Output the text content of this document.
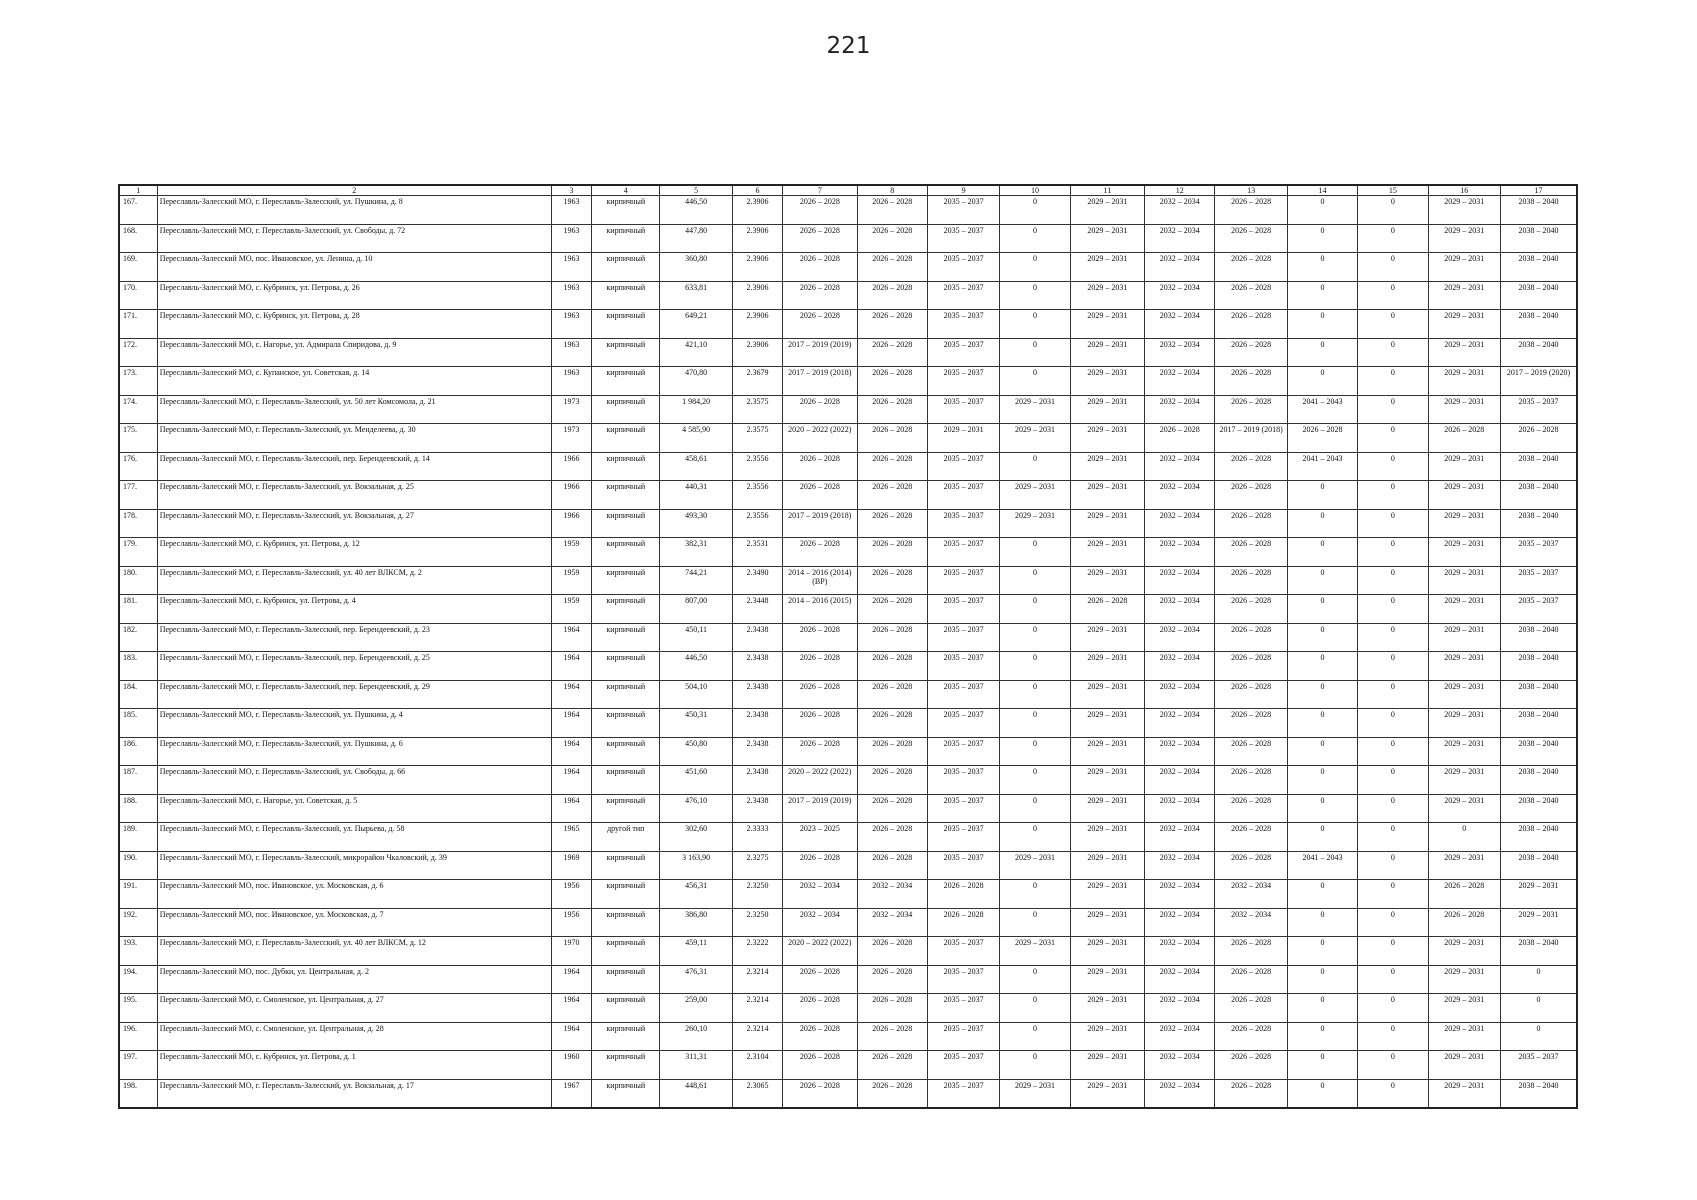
221
1	2	3	4	5	6	7	8	9	10	11	12	13	14	15	16	17
167.	Переславль-Залесский МО, г. Переславль-Залесский, ул. Пушкина, д. 8	1963	кирпичный	446,50	2.3906	2026 – 2028	2026 – 2028	2035 – 2037	0	2029 – 2031	2032 – 2034	2026 – 2028	0	0	2029 – 2031	2038 – 2040
168.	Переславль-Залесский МО, г. Переславль-Залесский, ул. Свободы, д. 72	1963	кирпичный	447,80	2.3906	2026 – 2028	2026 – 2028	2035 – 2037	0	2029 – 2031	2032 – 2034	2026 – 2028	0	0	2029 – 2031	2038 – 2040
169.	Переславль-Залесский МО, пос. Ивановское, ул. Ленина, д. 10	1963	кирпичный	360,80	2.3906	2026 – 2028	2026 – 2028	2035 – 2037	0	2029 – 2031	2032 – 2034	2026 – 2028	0	0	2029 – 2031	2038 – 2040
170.	Переславль-Залесский МО, с. Кубринск, ул. Петрова, д. 26	1963	кирпичный	633,81	2.3906	2026 – 2028	2026 – 2028	2035 – 2037	0	2029 – 2031	2032 – 2034	2026 – 2028	0	0	2029 – 2031	2038 – 2040
171.	Переславль-Залесский МО, с. Кубринск, ул. Петрова, д. 28	1963	кирпичный	649,21	2.3906	2026 – 2028	2026 – 2028	2035 – 2037	0	2029 – 2031	2032 – 2034	2026 – 2028	0	0	2029 – 2031	2038 – 2040
172.	Переславль-Залесский МО, с. Нагорье, ул. Адмирала Спиридова, д. 9	1963	кирпичный	421,10	2.3906	2017 – 2019 (2019)	2026 – 2028	2035 – 2037	0	2029 – 2031	2032 – 2034	2026 – 2028	0	0	2029 – 2031	2038 – 2040
173.	Переславль-Залесский МО, с. Купанское, ул. Советская, д. 14	1963	кирпичный	470,80	2.3679	2017 – 2019 (2018)	2026 – 2028	2035 – 2037	0	2029 – 2031	2032 – 2034	2026 – 2028	0	0	2029 – 2031	2017 – 2019 (2020)
174.	Переславль-Залесский МО, г. Переславль-Залесский, ул. 50 лет Комсомола, д. 21	1973	кирпичный	1 984,20	2.3575	2026 – 2028	2026 – 2028	2035 – 2037	2029 – 2031	2029 – 2031	2032 – 2034	2026 – 2028	2041 – 2043	0	2029 – 2031	2035 – 2037
175.	Переславль-Залесский МО, г. Переславль-Залесский, ул. Менделеева, д. 30	1973	кирпичный	4 585,90	2.3575	2020 – 2022 (2022)	2026 – 2028	2029 – 2031	2029 – 2031	2029 – 2031	2026 – 2028	2017 – 2019 (2018)	2026 – 2028	0	2026 – 2028	2026 – 2028
176.	Переславль-Залесский МО, г. Переславль-Залесский, пер. Берендеевский, д. 14	1966	кирпичный	458,61	2.3556	2026 – 2028	2026 – 2028	2035 – 2037	0	2029 – 2031	2032 – 2034	2026 – 2028	2041 – 2043	0	2029 – 2031	2038 – 2040
177.	Переславль-Залесский МО, г. Переславль-Залесский, ул. Вокзальная, д. 25	1966	кирпичный	440,31	2.3556	2026 – 2028	2026 – 2028	2035 – 2037	2029 – 2031	2029 – 2031	2032 – 2034	2026 – 2028	0	0	2029 – 2031	2038 – 2040
178.	Переславль-Залесский МО, г. Переславль-Залесский, ул. Вокзальная, д. 27	1966	кирпичный	493,30	2.3556	2017 – 2019 (2018)	2026 – 2028	2035 – 2037	2029 – 2031	2029 – 2031	2032 – 2034	2026 – 2028	0	0	2029 – 2031	2038 – 2040
179.	Переславль-Залесский МО, с. Кубринск, ул. Петрова, д. 12	1959	кирпичный	382,31	2.3531	2026 – 2028	2026 – 2028	2035 – 2037	0	2029 – 2031	2032 – 2034	2026 – 2028	0	0	2029 – 2031	2035 – 2037
180.	Переславль-Залесский МО, г. Переславль-Залесский, ул. 40 лет ВЛКСМ, д. 2	1959	кирпичный	744,21	2.3490	2014 – 2016 (2014) (ВР)	2026 – 2028	2035 – 2037	0	2029 – 2031	2032 – 2034	2026 – 2028	0	0	2029 – 2031	2035 – 2037
181.	Переславль-Залесский МО, с. Кубринск, ул. Петрова, д. 4	1959	кирпичный	807,00	2.3448	2014 – 2016 (2015)	2026 – 2028	2035 – 2037	0	2026 – 2028	2032 – 2034	2026 – 2028	0	0	2029 – 2031	2035 – 2037
182.	Переславль-Залесский МО, г. Переславль-Залесский, пер. Берендеевский, д. 23	1964	кирпичный	450,11	2.3438	2026 – 2028	2026 – 2028	2035 – 2037	0	2029 – 2031	2032 – 2034	2026 – 2028	0	0	2029 – 2031	2038 – 2040
183.	Переславль-Залесский МО, г. Переславль-Залесский, пер. Берендеевский, д. 25	1964	кирпичный	446,50	2.3438	2026 – 2028	2026 – 2028	2035 – 2037	0	2029 – 2031	2032 – 2034	2026 – 2028	0	0	2029 – 2031	2038 – 2040
184.	Переславль-Залесский МО, г. Переславль-Залесский, пер. Берендеевский, д. 29	1964	кирпичный	504,10	2.3438	2026 – 2028	2026 – 2028	2035 – 2037	0	2029 – 2031	2032 – 2034	2026 – 2028	0	0	2029 – 2031	2038 – 2040
185.	Переславль-Залесский МО, г. Переславль-Залесский, ул. Пушкина, д. 4	1964	кирпичный	450,31	2.3438	2026 – 2028	2026 – 2028	2035 – 2037	0	2029 – 2031	2032 – 2034	2026 – 2028	0	0	2029 – 2031	2038 – 2040
186.	Переславль-Залесский МО, г. Переславль-Залесский, ул. Пушкина, д. 6	1964	кирпичный	450,80	2.3438	2026 – 2028	2026 – 2028	2035 – 2037	0	2029 – 2031	2032 – 2034	2026 – 2028	0	0	2029 – 2031	2038 – 2040
187.	Переславль-Залесский МО, г. Переславль-Залесский, ул. Свободы, д. 66	1964	кирпичный	451,60	2.3438	2020 – 2022 (2022)	2026 – 2028	2035 – 2037	0	2029 – 2031	2032 – 2034	2026 – 2028	0	0	2029 – 2031	2038 – 2040
188.	Переславль-Залесский МО, с. Нагорье, ул. Советская, д. 5	1964	кирпичный	476,10	2.3438	2017 – 2019 (2019)	2026 – 2028	2035 – 2037	0	2029 – 2031	2032 – 2034	2026 – 2028	0	0	2029 – 2031	2038 – 2040
189.	Переславль-Залесский МО, г. Переславль-Залесский, ул. Пырьева, д. 58	1965	другой тип	302,60	2.3333	2023 – 2025	2026 – 2028	2035 – 2037	0	2029 – 2031	2032 – 2034	2026 – 2028	0	0	0	2038 – 2040
190.	Переславль-Залесский МО, г. Переславль-Залесский, микрорайон Чкаловский, д. 39	1969	кирпичный	3 163,90	2.3275	2026 – 2028	2026 – 2028	2035 – 2037	2029 – 2031	2029 – 2031	2032 – 2034	2026 – 2028	2041 – 2043	0	2029 – 2031	2038 – 2040
191.	Переславль-Залесский МО, пос. Ивановское, ул. Московская, д. 6	1956	кирпичный	456,31	2.3250	2032 – 2034	2032 – 2034	2026 – 2028	0	2029 – 2031	2032 – 2034	2032 – 2034	0	0	2026 – 2028	2029 – 2031
192.	Переславль-Залесский МО, пос. Ивановское, ул. Московская, д. 7	1956	кирпичный	386,80	2.3250	2032 – 2034	2032 – 2034	2026 – 2028	0	2029 – 2031	2032 – 2034	2032 – 2034	0	0	2026 – 2028	2029 – 2031
193.	Переславль-Залесский МО, г. Переславль-Залесский, ул. 40 лет ВЛКСМ, д. 12	1970	кирпичный	459,11	2.3222	2020 – 2022 (2022)	2026 – 2028	2035 – 2037	2029 – 2031	2029 – 2031	2032 – 2034	2026 – 2028	0	0	2029 – 2031	2038 – 2040
194.	Переславль-Залесский МО, пос. Дубки, ул. Центральная, д. 2	1964	кирпичный	476,31	2.3214	2026 – 2028	2026 – 2028	2035 – 2037	0	2029 – 2031	2032 – 2034	2026 – 2028	0	0	2029 – 2031	0
195.	Переславль-Залесский МО, с. Смоленское, ул. Центральная, д. 27	1964	кирпичный	259,00	2.3214	2026 – 2028	2026 – 2028	2035 – 2037	0	2029 – 2031	2032 – 2034	2026 – 2028	0	0	2029 – 2031	0
196.	Переславль-Залесский МО, с. Смоленское, ул. Центральная, д. 28	1964	кирпичный	260,10	2.3214	2026 – 2028	2026 – 2028	2035 – 2037	0	2029 – 2031	2032 – 2034	2026 – 2028	0	0	2029 – 2031	0
197.	Переславль-Залесский МО, с. Кубринск, ул. Петрова, д. 1	1960	кирпичный	311,31	2.3104	2026 – 2028	2026 – 2028	2035 – 2037	0	2029 – 2031	2032 – 2034	2026 – 2028	0	0	2029 – 2031	2035 – 2037
198.	Переславль-Залесский МО, г. Переславль-Залесский, ул. Вокзальная, д. 17	1967	кирпичный	448,61	2.3065	2026 – 2028	2026 – 2028	2035 – 2037	2029 – 2031	2029 – 2031	2032 – 2034	2026 – 2028	0	0	2029 – 2031	2038 – 2040
